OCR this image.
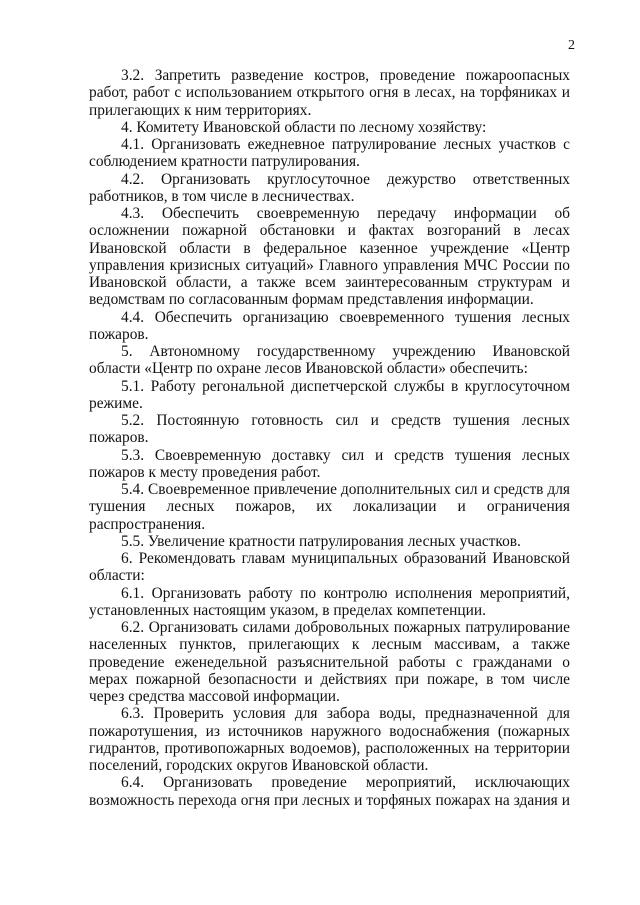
2

3.2. Запретить разведение костров, проведение пожароопасных работ, работ с использованием открытого огня в лесах, на торфяниках и прилегающих к ним территориях.

4. Комитету Ивановской области по лесному хозяйству:

4.1. Организовать ежедневное патрулирование лесных участков с соблюдением кратности патрулирования.

4.2. Организовать круглосуточное дежурство ответственных работников, в том числе в лесничествах.

4.3. Обеспечить своевременную передачу информации об осложнении пожарной обстановки и фактах возгораний в лесах Ивановской области в федеральное казенное учреждение «Центр управления кризисных ситуаций» Главного управления МЧС России по Ивановской области, а также всем заинтересованным структурам и ведомствам по согласованным формам представления информации.

4.4. Обеспечить организацию своевременного тушения лесных пожаров.

5. Автономному государственному учреждению Ивановской области «Центр по охране лесов Ивановской области» обеспечить:

5.1. Работу регональной диспетчерской службы в круглосуточном режиме.

5.2. Постоянную готовность сил и средств тушения лесных пожаров.

5.3. Своевременную доставку сил и средств тушения лесных пожаров к месту проведения работ.

5.4. Своевременное привлечение дополнительных сил и средств для тушения лесных пожаров, их локализации и ограничения распространения.

5.5. Увеличение кратности патрулирования лесных участков.

6. Рекомендовать главам муниципальных образований Ивановской области:

6.1. Организовать работу по контролю исполнения мероприятий, установленных настоящим указом, в пределах компетенции.

6.2. Организовать силами добровольных пожарных патрулирование населенных пунктов, прилегающих к лесным массивам, а также проведение еженедельной разъяснительной работы с гражданами о мерах пожарной безопасности и действиях при пожаре, в том числе через средства массовой информации.

6.3. Проверить условия для забора воды, предназначенной для пожаротушения, из источников наружного водоснабжения (пожарных гидрантов, противопожарных водоемов), расположенных на территории поселений, городских округов Ивановской области.

6.4. Организовать проведение мероприятий, исключающих возможность перехода огня при лесных и торфяных пожарах на здания и
